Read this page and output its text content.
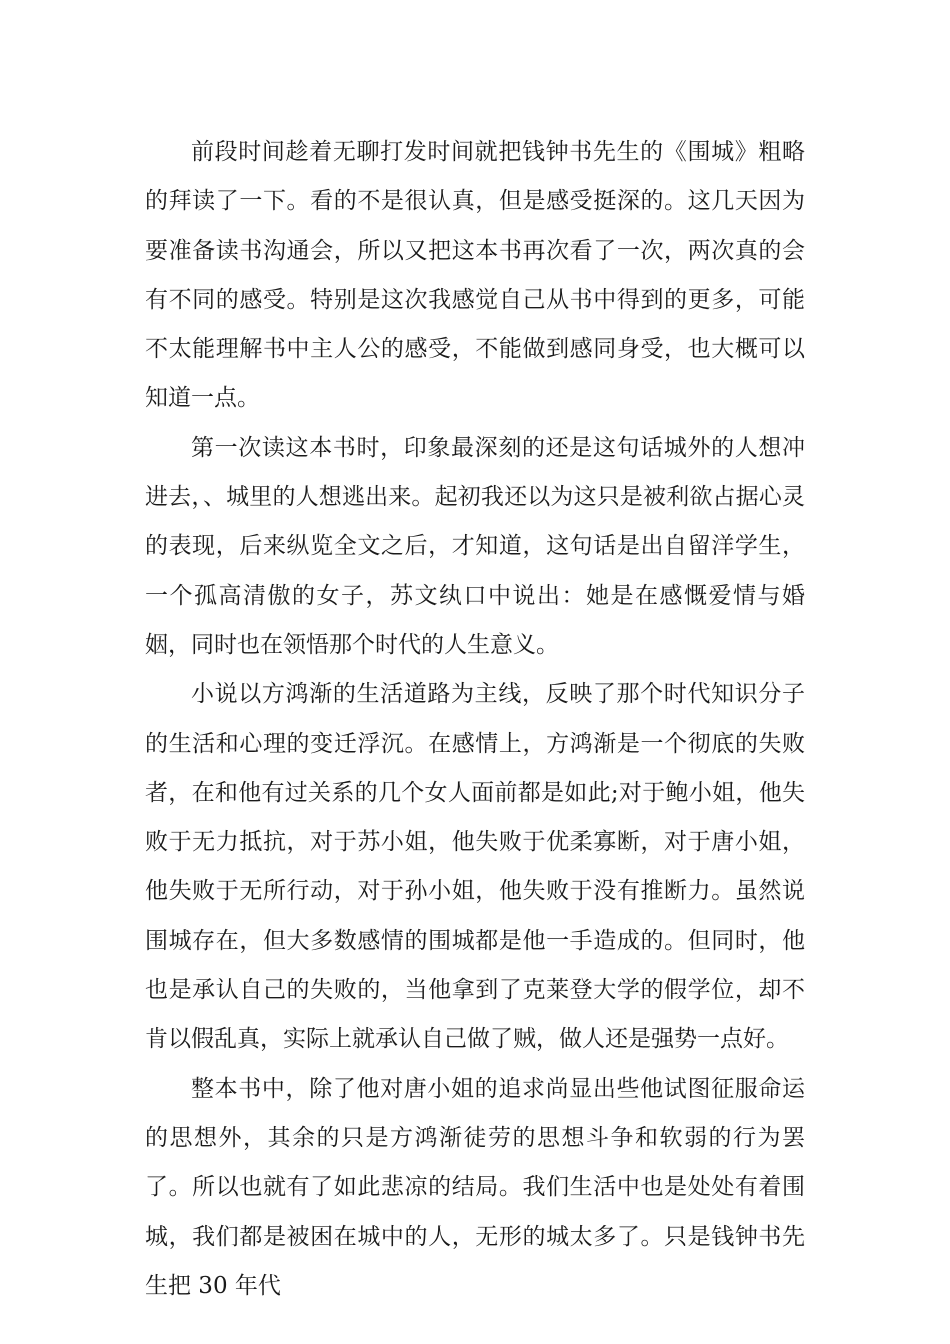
前段时间趁着无聊打发时间就把钱钟书先生的《围城》粗略的拜读了一下。看的不是很认真，但是感受挺深的。这几天因为要准备读书沟通会，所以又把这本书再次看了一次，两次真的会有不同的感受。特别是这次我感觉自己从书中得到的更多，可能不太能理解书中主人公的感受，不能做到感同身受，也大概可以知道一点。

第一次读这本书时，印象最深刻的还是这句话城外的人想冲进去，、城里的人想逃出来。起初我还以为这只是被利欲占据心灵的表现，后来纵览全文之后，才知道，这句话是出自留洋学生，一个孤高清傲的女子，苏文纨口中说出：她是在感慨爱情与婚姻，同时也在领悟那个时代的人生意义。

小说以方鸿渐的生活道路为主线，反映了那个时代知识分子的生活和心理的变迁浮沉。在感情上，方鸿渐是一个彻底的失败者，在和他有过关系的几个女人面前都是如此;对于鲍小姐，他失败于无力抵抗，对于苏小姐，他失败于优柔寡断，对于唐小姐，他失败于无所行动，对于孙小姐，他失败于没有推断力。虽然说围城存在，但大多数感情的围城都是他一手造成的。但同时，他也是承认自己的失败的，当他拿到了克莱登大学的假学位，却不肯以假乱真，实际上就承认自己做了贼，做人还是强势一点好。

整本书中，除了他对唐小姐的追求尚显出些他试图征服命运的思想外，其余的只是方鸿渐徒劳的思想斗争和软弱的行为罢了。所以也就有了如此悲凉的结局。我们生活中也是处处有着围城，我们都是被困在城中的人，无形的城太多了。只是钱钟书先生把 30 年代
